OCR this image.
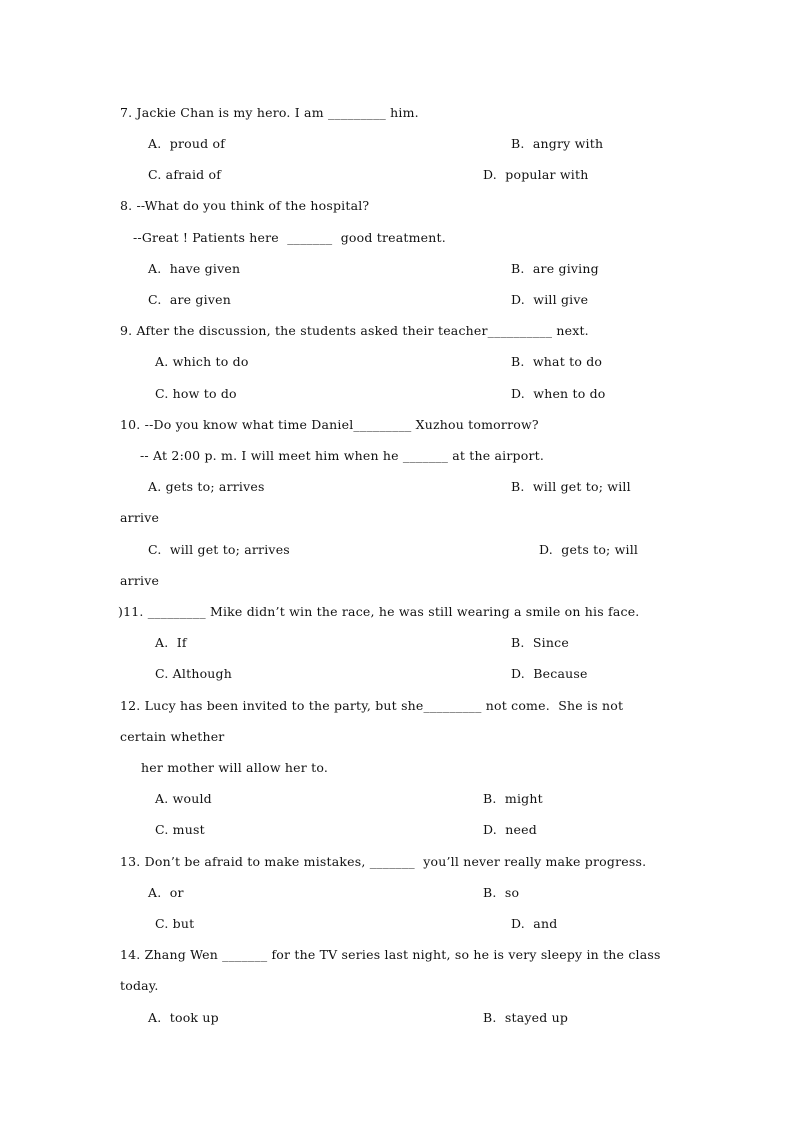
7. Jackie Chan is my hero. I am _________ him.
A.  proud of	B.  angry with
C. afraid of	D.  popular with
8. --What do you think of the hospital?
--Great ! Patients here  _______  good treatment.
A.  have given	B.  are giving
C.  are given	D.  will give
9. After the discussion, the students asked their teacher__________ next.
A. which to do	B.  what to do
C. how to do	D.  when to do
10. --Do you know what time Daniel_________ Xuzhou tomorrow?
-- At 2:00 p. m. I will meet him when he _______ at the airport.
A. gets to; arrives	B.  will get to; will
arrive
C.  will get to; arrives	D.  gets to; will
arrive
)11. _________ Mike didn’t win the race, he was still wearing a smile on his face.
A.  If	B.  Since
C. Although	D.  Because
12. Lucy has been invited to the party, but she_________ not come.  She is not
certain whether
her mother will allow her to.
A. would	B.  might
C. must	D.  need
13. Don’t be afraid to make mistakes, _______  you’ll never really make progress.
A.  or	B.  so
C. but	D.  and
14. Zhang Wen _______ for the TV series last night, so he is very sleepy in the class
today.
A.  took up	B.  stayed up
